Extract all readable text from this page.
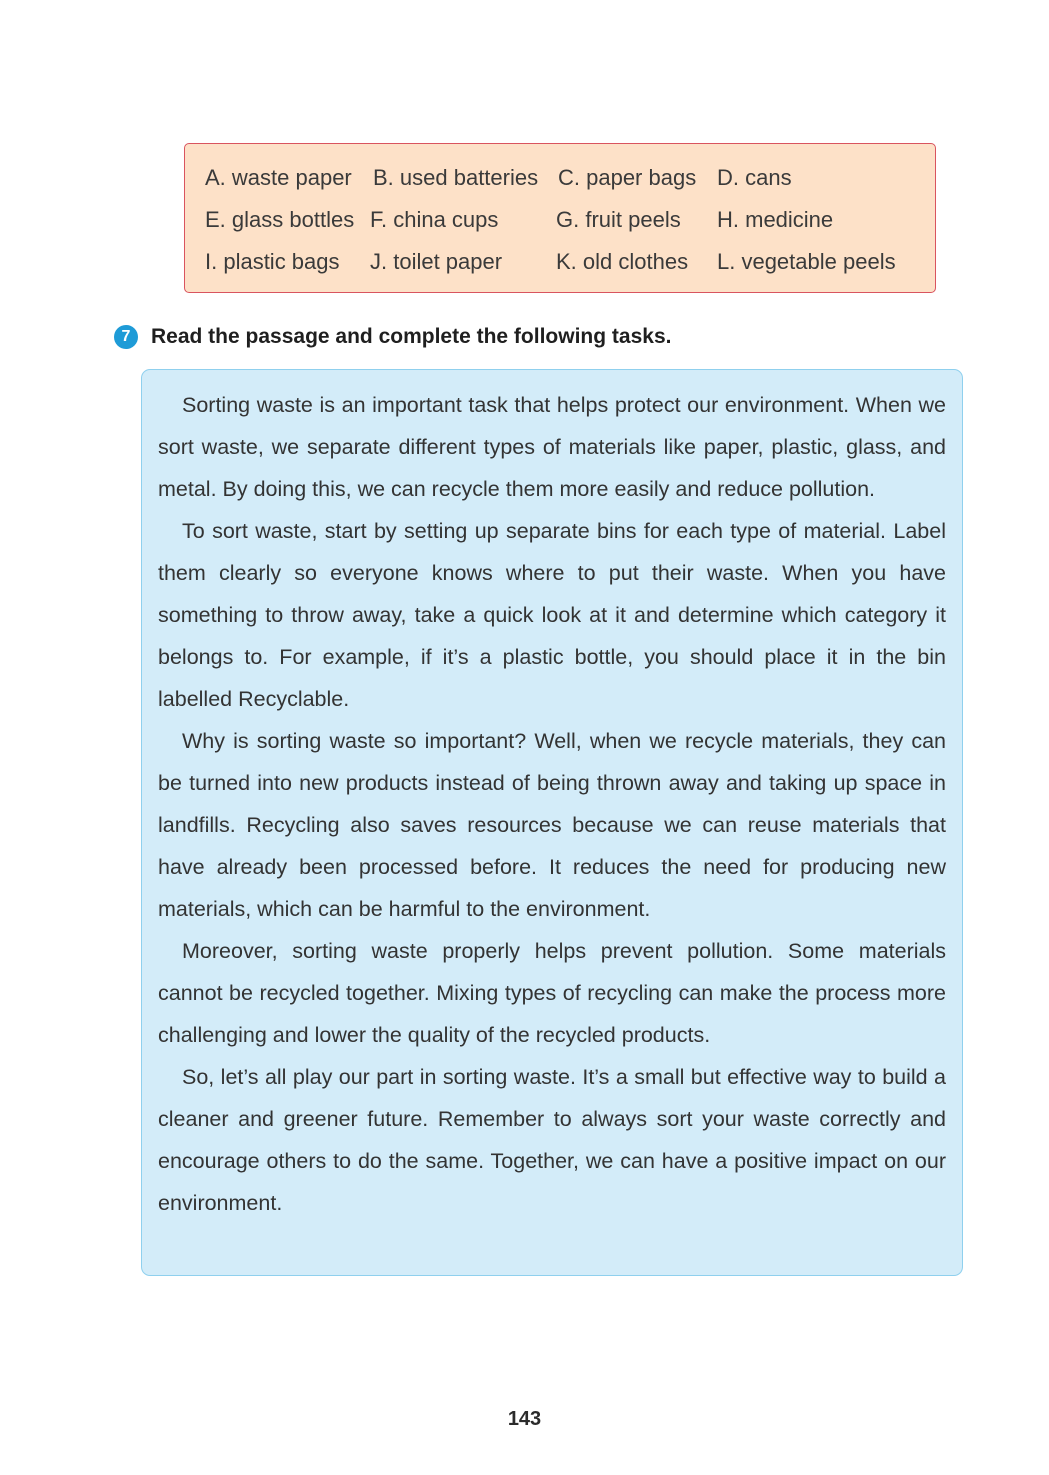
A. waste paper B. used batteries C. paper bags D. cans
E. glass bottles F. china cups	G. fruit peels H. medicine
I. plastic bags J. toilet paper K. old clothes L. vegetable peels
7 Read the passage and complete the following tasks.

Sorting waste is an important task that helps protect our environment. When we sort waste, we separate different types of materials like paper, plastic, glass, and metal. By doing this, we can recycle them more easily and reduce pollution.

To sort waste, start by setting up separate bins for each type of material. Label them clearly so everyone knows where to put their waste. When you have something to throw away, take a quick look at it and determine which category it belongs to. For example, if it’s a plastic bottle, you should place it in the bin labelled Recyclable.

Why is sorting waste so important? Well, when we recycle materials, they can be turned into new products instead of being thrown away and taking up space in landfills. Recycling also saves resources because we can reuse materials that have already been processed before. It reduces the need for producing new materials, which can be harmful to the environment.

Moreover, sorting waste properly helps prevent pollution. Some materials cannot be recycled together. Mixing types of recycling can make the process more challenging and lower the quality of the recycled products.

So, let’s all play our part in sorting waste. It’s a small but effective way to build a cleaner and greener future. Remember to always sort your waste correctly and encourage others to do the same. Together, we can have a positive impact on our environment.

143
